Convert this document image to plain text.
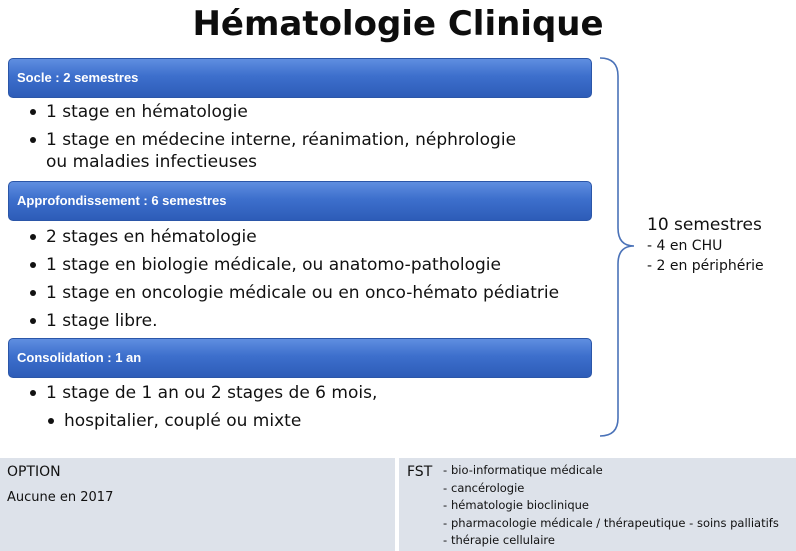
Hématologie Clinique
Socle : 2 semestres
1 stage en hématologie
1 stage en médecine interne, réanimation, néphrologie ou maladies infectieuses
Approfondissement : 6 semestres
2 stages en hématologie
1 stage en biologie médicale, ou anatomo-pathologie
1 stage en oncologie médicale ou en onco-hémato pédiatrie
1 stage libre.
Consolidation : 1 an
1 stage de 1 an ou 2 stages de 6 mois,
hospitalier, couplé ou mixte
10 semestres
- 4 en CHU
- 2 en périphérie
OPTION
Aucune en 2017
FST - bio-informatique médicale
- cancérologie
- hématologie bioclinique
- pharmacologie médicale / thérapeutique - soins palliatifs
- thérapie cellulaire
